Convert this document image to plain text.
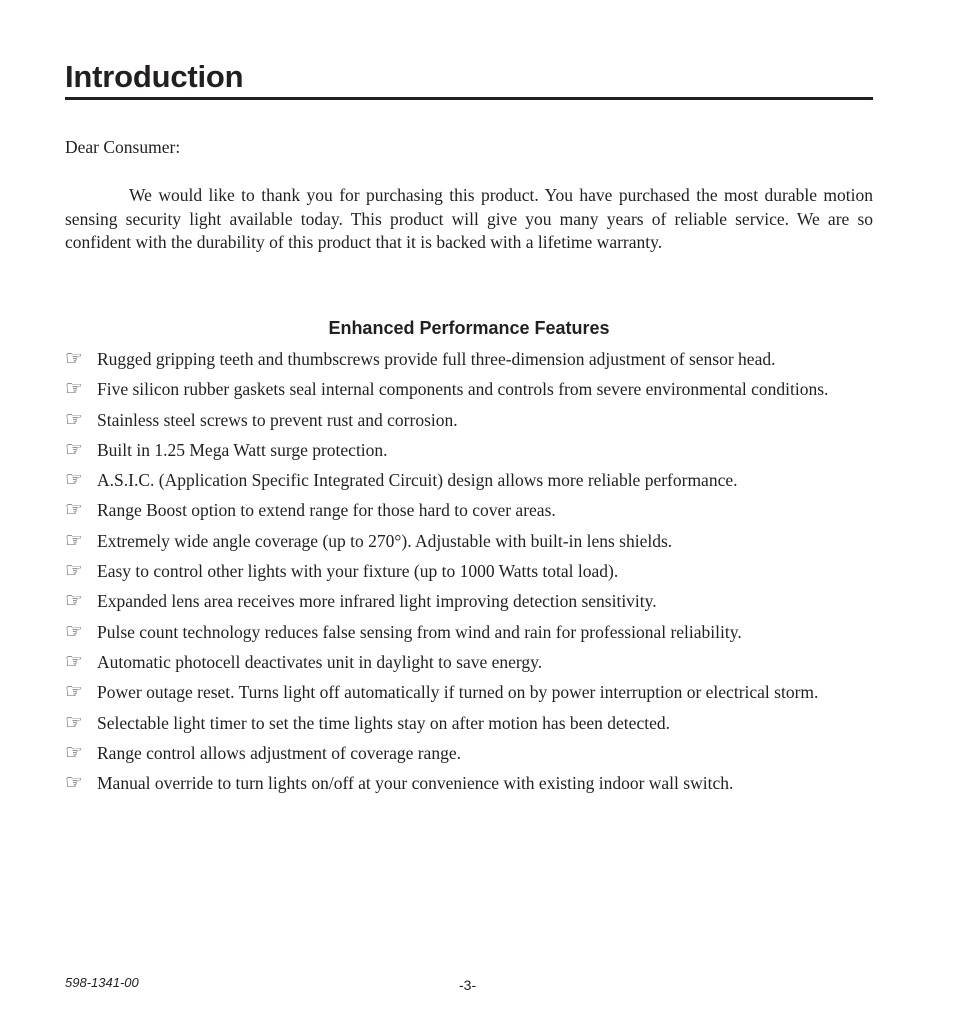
Introduction

Dear Consumer:

We would like to thank you for purchasing this product. You have purchased the most durable motion sensing security light available today. This product will give you many years of reliable service. We are so confident with the durability of this product that it is backed with a lifetime warranty.

Enhanced Performance Features
☞ Rugged gripping teeth and thumbscrews provide full three-dimension adjustment of sensor head.
☞ Five silicon rubber gaskets seal internal components and controls from severe environmental conditions.
☞ Stainless steel screws to prevent rust and corrosion.
☞ Built in 1.25 Mega Watt surge protection.
☞ A.S.I.C. (Application Specific Integrated Circuit) design allows more reliable performance.
☞ Range Boost option to extend range for those hard to cover areas.
☞ Extremely wide angle coverage (up to 270°). Adjustable with built-in lens shields.
☞ Easy to control other lights with your fixture (up to 1000 Watts total load).
☞ Expanded lens area receives more infrared light improving detection sensitivity.
☞ Pulse count technology reduces false sensing from wind and rain for professional reliability.
☞ Automatic photocell deactivates unit in daylight to save energy.
☞ Power outage reset. Turns light off automatically if turned on by power interruption or electrical storm.
☞ Selectable light timer to set the time lights stay on after motion has been detected.
☞ Range control allows adjustment of coverage range.
☞ Manual override to turn lights on/off at your convenience with existing indoor wall switch.
598-1341-00	-3-
